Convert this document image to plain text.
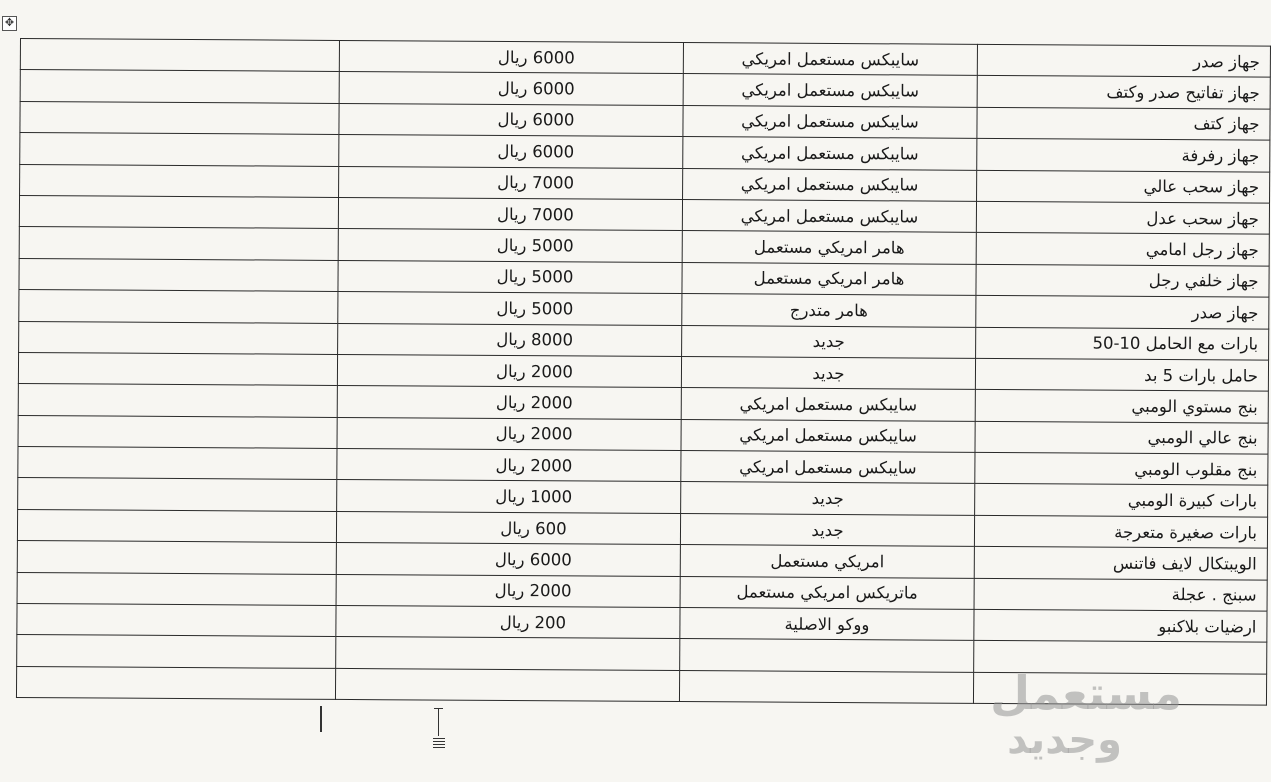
✥
جهاز صدر	سايبكس مستعمل امريكي	6000 ريال	
جهاز تفاتيح صدر وكتف	سايبكس مستعمل امريكي	6000 ريال	
جهاز كتف	سايبكس مستعمل امريكي	6000 ريال	
جهاز رفرفة	سايبكس مستعمل امريكي	6000 ريال	
جهاز سحب عالي	سايبكس مستعمل امريكي	7000 ريال	
جهاز سحب عدل	سايبكس مستعمل امريكي	7000 ريال	
جهاز رجل امامي	هامر امريكي مستعمل	5000 ريال	
جهاز خلفي رجل	هامر امريكي مستعمل	5000 ريال	
جهاز صدر	هامر متدرج	5000 ريال	
بارات مع الحامل 10-50	جديد	8000 ريال	
حامل بارات 5 بد	جديد	2000 ريال	
بنج مستوي الومبي	سايبكس مستعمل امريكي	2000 ريال	
بنج عالي الومبي	سايبكس مستعمل امريكي	2000 ريال	
بنج مقلوب الومبي	سايبكس مستعمل امريكي	2000 ريال	
بارات كبيرة الومبي	جديد	1000 ريال	
بارات صغيرة متعرجة	جديد	600 ريال	
الويبتكال لايف فاتنس	امريكي مستعمل	6000 ريال	
سبنج . عجلة	ماتريكس امريكي مستعمل	2000 ريال	
ارضيات بلاكنبو	ووكو الاصلية	200 ريال	

مستعمل
وجديد
